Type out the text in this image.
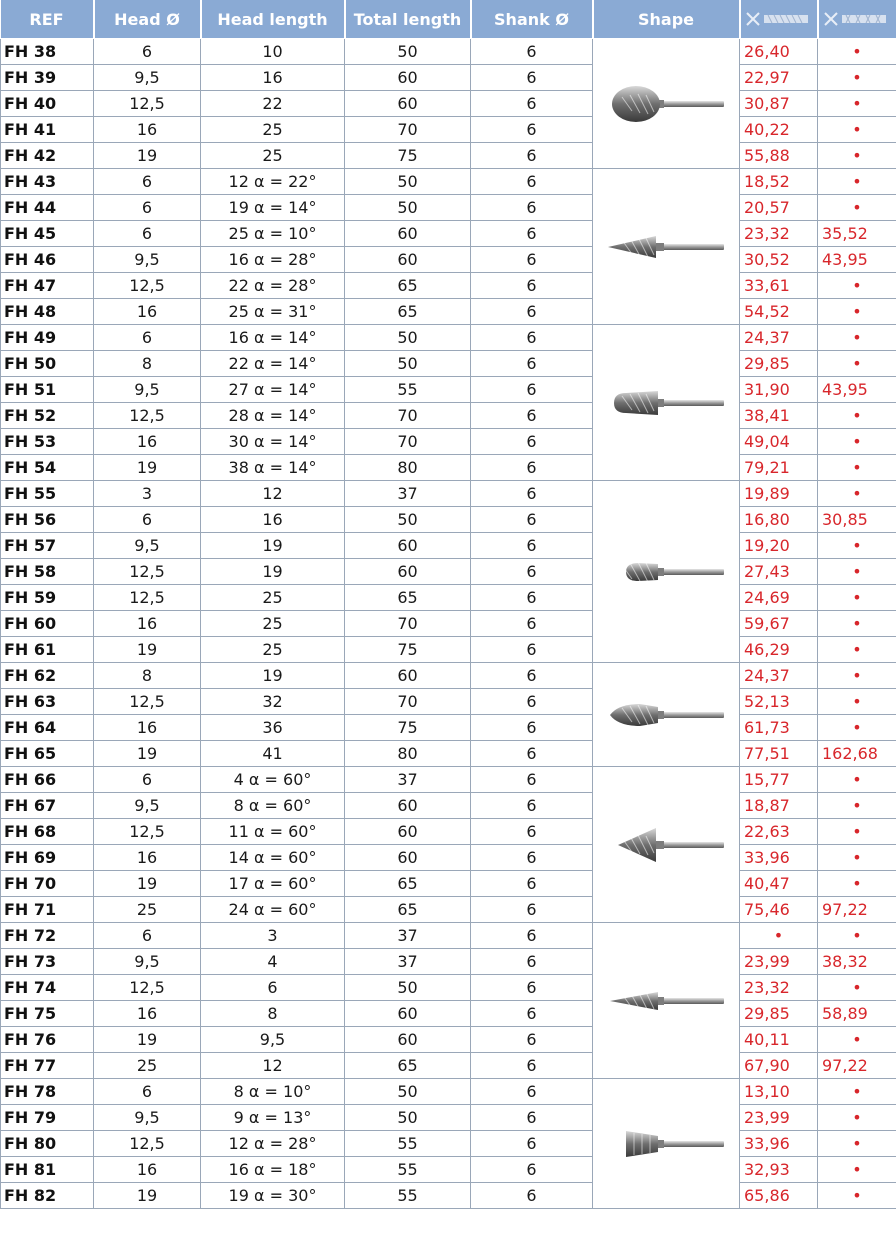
REF	Head Ø	Head length	Total length	Shank Ø	Shape	

FH 38	6	10	50	6		26,40	•
FH 39	9,5	16	60	6		22,97	•
FH 40	12,5	22	60	6		30,87	•
FH 41	16	25	70	6		40,22	•
FH 42	19	25	75	6		55,88	•
FH 43	6	12 α = 22°	50	6		18,52	•
FH 44	6	19 α = 14°	50	6		20,57	•
FH 45	6	25 α = 10°	60	6		23,32	35,52
FH 46	9,5	16 α = 28°	60	6		30,52	43,95
FH 47	12,5	22 α = 28°	65	6		33,61	•
FH 48	16	25 α = 31°	65	6		54,52	•
FH 49	6	16 α = 14°	50	6		24,37	•
FH 50	8	22 α = 14°	50	6		29,85	•
FH 51	9,5	27 α = 14°	55	6		31,90	43,95
FH 52	12,5	28 α = 14°	70	6		38,41	•
FH 53	16	30 α = 14°	70	6		49,04	•
FH 54	19	38 α = 14°	80	6		79,21	•
FH 55	3	12	37	6		19,89	•
FH 56	6	16	50	6		16,80	30,85
FH 57	9,5	19	60	6		19,20	•
FH 58	12,5	19	60	6		27,43	•
FH 59	12,5	25	65	6		24,69	•
FH 60	16	25	70	6		59,67	•
FH 61	19	25	75	6		46,29	•
FH 62	8	19	60	6		24,37	•
FH 63	12,5	32	70	6		52,13	•
FH 64	16	36	75	6		61,73	•
FH 65	19	41	80	6		77,51	162,68
FH 66	6	4 α = 60°	37	6		15,77	•
FH 67	9,5	8 α = 60°	60	6		18,87	•
FH 68	12,5	11 α = 60°	60	6		22,63	•
FH 69	16	14 α = 60°	60	6		33,96	•
FH 70	19	17 α = 60°	65	6		40,47	•
FH 71	25	24 α = 60°	65	6		75,46	97,22
FH 72	6	3	37	6		•	•
FH 73	9,5	4	37	6		23,99	38,32
FH 74	12,5	6	50	6		23,32	•
FH 75	16	8	60	6		29,85	58,89
FH 76	19	9,5	60	6		40,11	•
FH 77	25	12	65	6		67,90	97,22
FH 78	6	8 α = 10°	50	6		13,10	•
FH 79	9,5	9 α = 13°	50	6		23,99	•
FH 80	12,5	12 α = 28°	55	6		33,96	•
FH 81	16	16 α = 18°	55	6		32,93	•
FH 82	19	19 α = 30°	55	6		65,86	•
